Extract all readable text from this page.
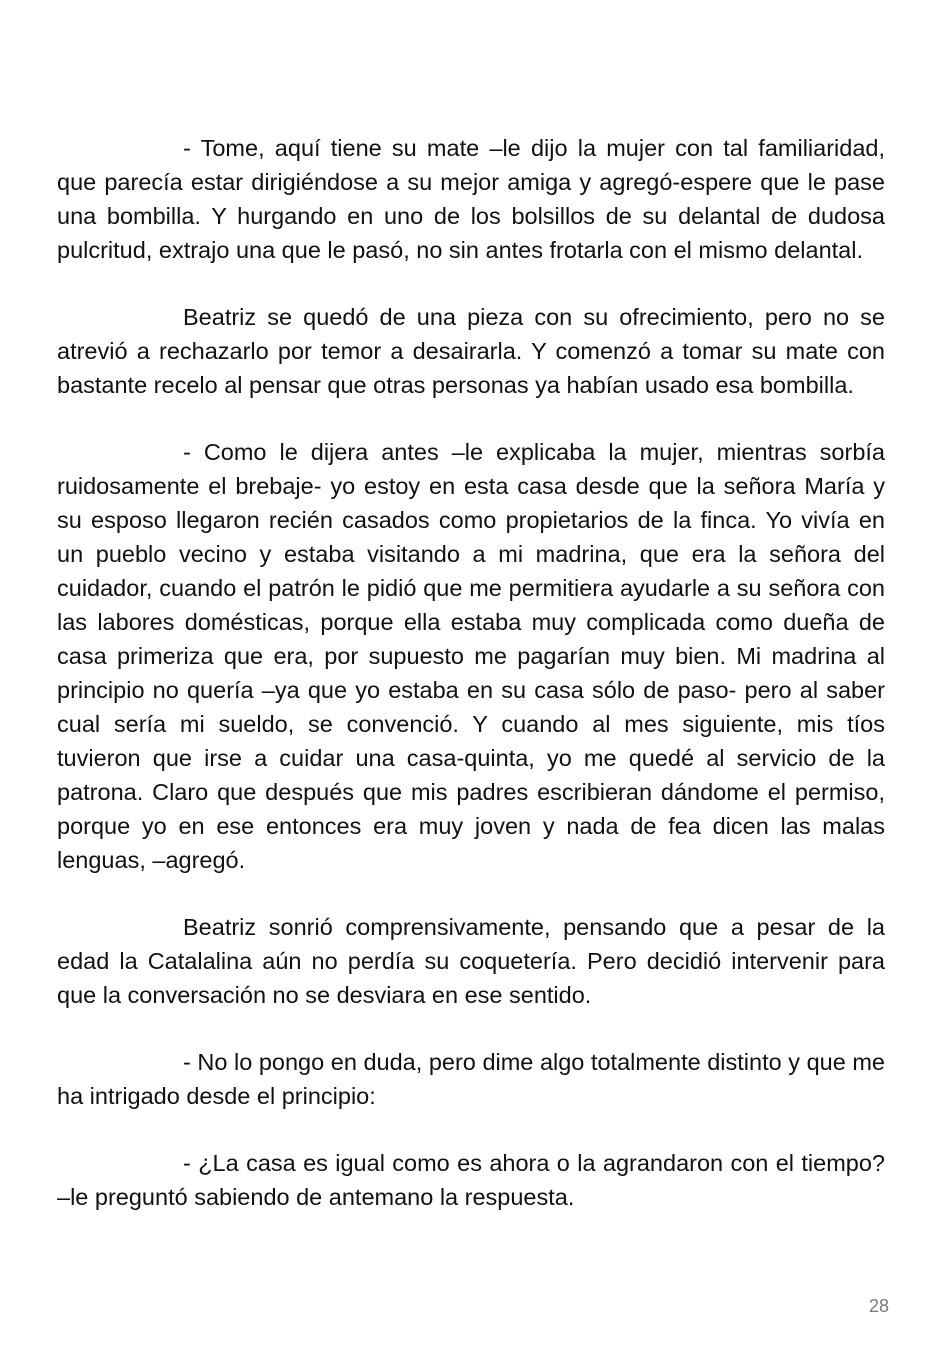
- Tome, aquí tiene su mate –le dijo la mujer con tal familiaridad, que parecía estar dirigiéndose a su mejor amiga y agregó-espere que le pase una bombilla. Y hurgando en uno de los bolsillos de su delantal de dudosa pulcritud, extrajo una que le pasó, no sin antes frotarla con el mismo delantal.

Beatriz se quedó de una pieza con su ofrecimiento, pero no se atrevió a rechazarlo por temor a desairarla. Y comenzó a tomar su mate con bastante recelo al pensar que otras personas ya habían usado esa bombilla.

- Como le dijera antes –le explicaba la mujer, mientras sorbía ruidosamente el brebaje- yo estoy en esta casa desde que la señora María y su esposo llegaron recién casados como propietarios de la finca. Yo vivía en un pueblo vecino y estaba visitando a mi madrina, que era la señora del cuidador, cuando el patrón le pidió que me permitiera ayudarle a su señora con las labores domésticas, porque ella estaba muy complicada como dueña de casa primeriza que era, por supuesto me pagarían muy bien. Mi madrina al principio no quería –ya que yo estaba en su casa sólo de paso- pero al saber cual sería mi sueldo, se convenció. Y cuando al mes siguiente, mis tíos tuvieron que irse a cuidar una casa-quinta, yo me quedé al servicio de la patrona. Claro que después que mis padres escribieran dándome el permiso, porque yo en ese entonces era muy joven y nada de fea dicen las malas lenguas, –agregó.

Beatriz sonrió comprensivamente, pensando que a pesar de la edad la Catalalina aún no perdía su coquetería. Pero decidió intervenir para que la conversación no se desviara en ese sentido.

- No lo pongo en duda, pero dime algo totalmente distinto y que me ha intrigado desde el principio:

- ¿La casa es igual como es ahora o la agrandaron con el tiempo? –le preguntó sabiendo de antemano la respuesta.

28
